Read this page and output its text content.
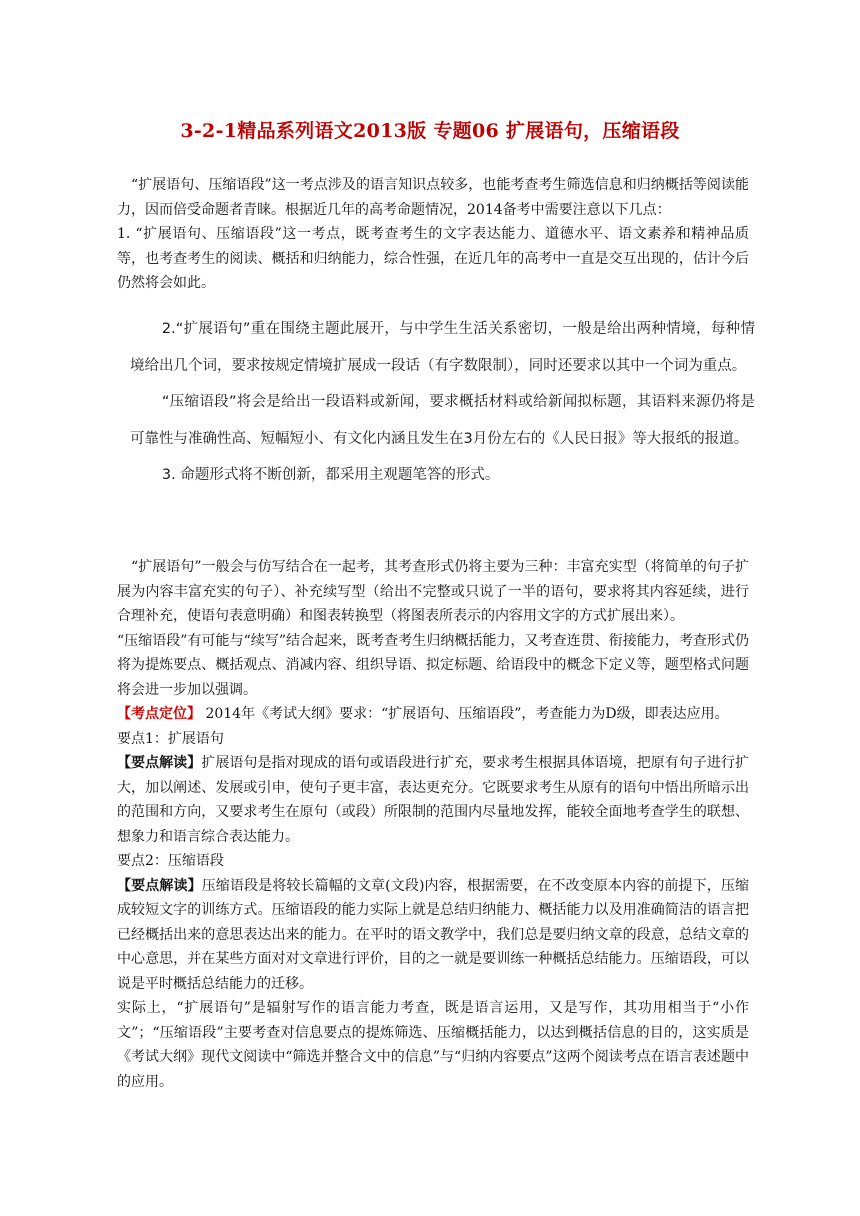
3-2-1精品系列语文2013版 专题06 扩展语句，压缩语段

“扩展语句、压缩语段”这一考点涉及的语言知识点较多，也能考查考生筛选信息和归纳概括等阅读能力，因而倍受命题者青睐。根据近几年的高考命题情况，2014备考中需要注意以下几点：

1. “扩展语句、压缩语段”这一考点，既考查考生的文字表达能力、道德水平、语文素养和精神品质等，也考查考生的阅读、概括和归纳能力，综合性强，在近几年的高考中一直是交互出现的，估计今后仍然将会如此。

2.“扩展语句”重在围绕主题此展开，与中学生生活关系密切，一般是给出两种情境，每种情境给出几个词，要求按规定情境扩展成一段话（有字数限制），同时还要求以其中一个词为重点。

“压缩语段”将会是给出一段语料或新闻，要求概括材料或给新闻拟标题，其语料来源仍将是可靠性与准确性高、短幅短小、有文化内涵且发生在3月份左右的《人民日报》等大报纸的报道。

3. 命题形式将不断创新，都采用主观题笔答的形式。

“扩展语句”一般会与仿写结合在一起考，其考查形式仍将主要为三种：丰富充实型（将简单的句子扩展为内容丰富充实的句子）、补充续写型（给出不完整或只说了一半的语句，要求将其内容延续，进行合理补充，使语句表意明确）和图表转换型（将图表所表示的内容用文字的方式扩展出来）。

“压缩语段”有可能与“续写”结合起来，既考查考生归纳概括能力，又考查连贯、衔接能力，考查形式仍将为提炼要点、概括观点、消减内容、组织导语、拟定标题、给语段中的概念下定义等，题型格式问题将会进一步加以强调。

【考点定位】 2014年《考试大纲》要求：“扩展语句、压缩语段”，考查能力为D级，即表达应用。

要点1：扩展语句

【要点解读】扩展语句是指对现成的语句或语段进行扩充，要求考生根据具体语境，把原有句子进行扩大，加以阐述、发展或引申，使句子更丰富，表达更充分。它既要求考生从原有的语句中悟出所暗示出的范围和方向，又要求考生在原句（或段）所限制的范围内尽量地发挥，能较全面地考查学生的联想、想象力和语言综合表达能力。

要点2：压缩语段

【要点解读】压缩语段是将较长篇幅的文章(文段)内容，根据需要，在不改变原本内容的前提下，压缩成较短文字的训练方式。压缩语段的能力实际上就是总结归纳能力、概括能力以及用准确简洁的语言把已经概括出来的意思表达出来的能力。在平时的语文教学中，我们总是要归纳文章的段意，总结文章的中心意思，并在某些方面对对文章进行评价，目的之一就是要训练一种概括总结能力。压缩语段，可以说是平时概括总结能力的迁移。

实际上，“扩展语句”是辐射写作的语言能力考查，既是语言运用，又是写作，其功用相当于“小作文”；“压缩语段”主要考查对信息要点的提炼筛选、压缩概括能力，以达到概括信息的目的，这实质是《考试大纲》现代文阅读中“筛选并整合文中的信息”与“归纳内容要点”这两个阅读考点在语言表述题中的应用。
